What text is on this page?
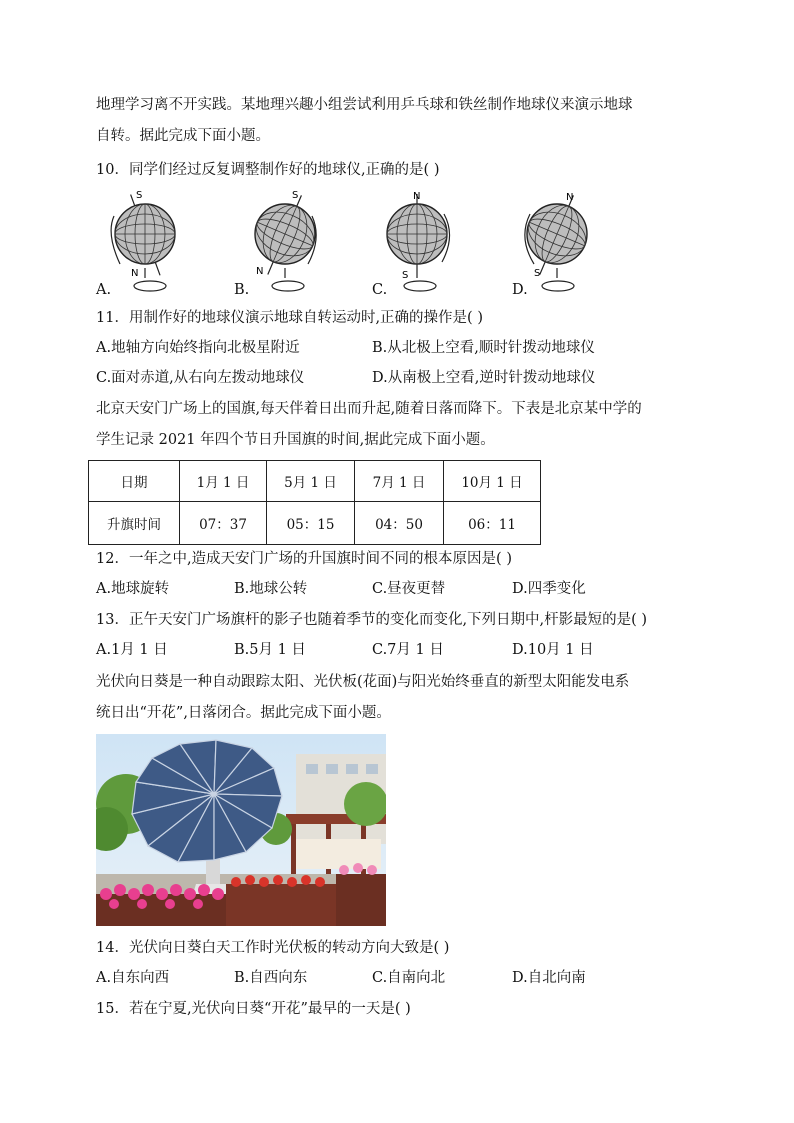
地理学习离不开实践。某地理兴趣小组尝试利用乒乓球和铁丝制作地球仪来演示地球
自转。据此完成下面小题。
10．同学们经过反复调整制作好的地球仪,正确的是( )
S
N
A.
S
N
B.
N
S
C.
N
S
D.
11．用制作好的地球仪演示地球自转运动时,正确的操作是( )
A.地轴方向始终指向北极星附近	B.从北极上空看,顺时针拨动地球仪
C.面对赤道,从右向左拨动地球仪	D.从南极上空看,逆时针拨动地球仪
北京天安门广场上的国旗,每天伴着日出而升起,随着日落而降下。下表是北京某中学的
学生记录 2021 年四个节日升国旗的时间,据此完成下面小题。
日期	1月 1 日	5月 1 日	7月 1 日	10月 1 日
升旗时间	07：37	05：15	04：50	06：11
12．一年之中,造成天安门广场的升国旗时间不同的根本原因是( )
A.地球旋转	B.地球公转	C.昼夜更替	D.四季变化
13．正午天安门广场旗杆的影子也随着季节的变化而变化,下列日期中,杆影最短的是( )
A.1月 1 日	B.5月 1 日	C.7月 1 日	D.10月 1 日
光伏向日葵是一种自动跟踪太阳、光伏板(花面)与阳光始终垂直的新型太阳能发电系
统日出“开花”,日落闭合。据此完成下面小题。
14．光伏向日葵白天工作时光伏板的转动方向大致是( )
A.自东向西	B.自西向东	C.自南向北	D.自北向南
15．若在宁夏,光伏向日葵“开花”最早的一天是( )
